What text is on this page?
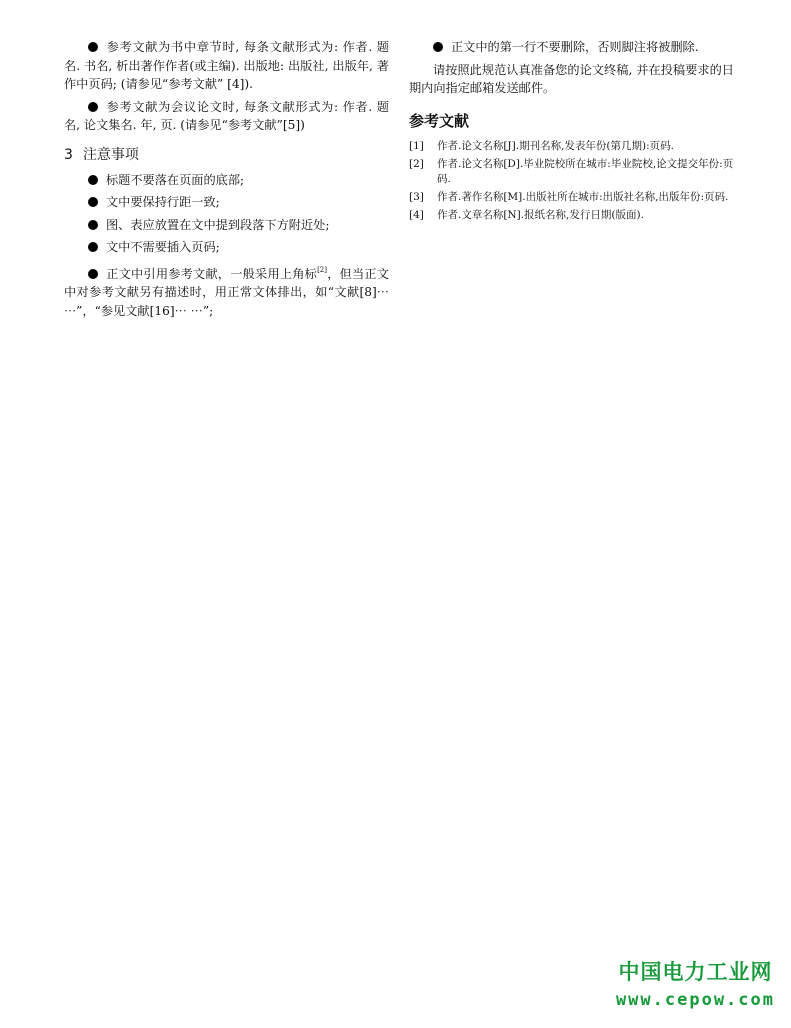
参考文献为书中章节时, 每条文献形式为: 作者. 题名. 书名, 析出著作作者(或主编). 出版地: 出版社, 出版年, 著作中页码; (请参见“参考文献” [4]).

参考文献为会议论文时, 每条文献形式为: 作者. 题名, 论文集名. 年, 页. (请参见“参考文献”[5])

3 注意事项

标题不要落在页面的底部;

文中要保持行距一致;

图、表应放置在文中提到段落下方附近处;

文中不需要插入页码;

正文中引用参考文献，一般采用上角标[2]，但当正文中对参考文献另有描述时，用正常文体排出，如“文献[8]⋯ ⋯”，“参见文献[16]⋯ ⋯”;

正文中的第一行不要删除，否则脚注将被删除.

请按照此规范认真准备您的论文终稿, 并在投稿要求的日期内向指定邮箱发送邮件。

参考文献
[1]	作者.论文名称[J].期刊名称,发表年份(第几期):页码.
[2]	作者.论文名称[D].毕业院校所在城市:毕业院校,论文提交年份:页码.
[3]	作者.著作名称[M].出版社所在城市:出版社名称,出版年份:页码.
[4]	作者.文章名称[N].报纸名称,发行日期(版面).
中国电力工业网
www.cepow.com
